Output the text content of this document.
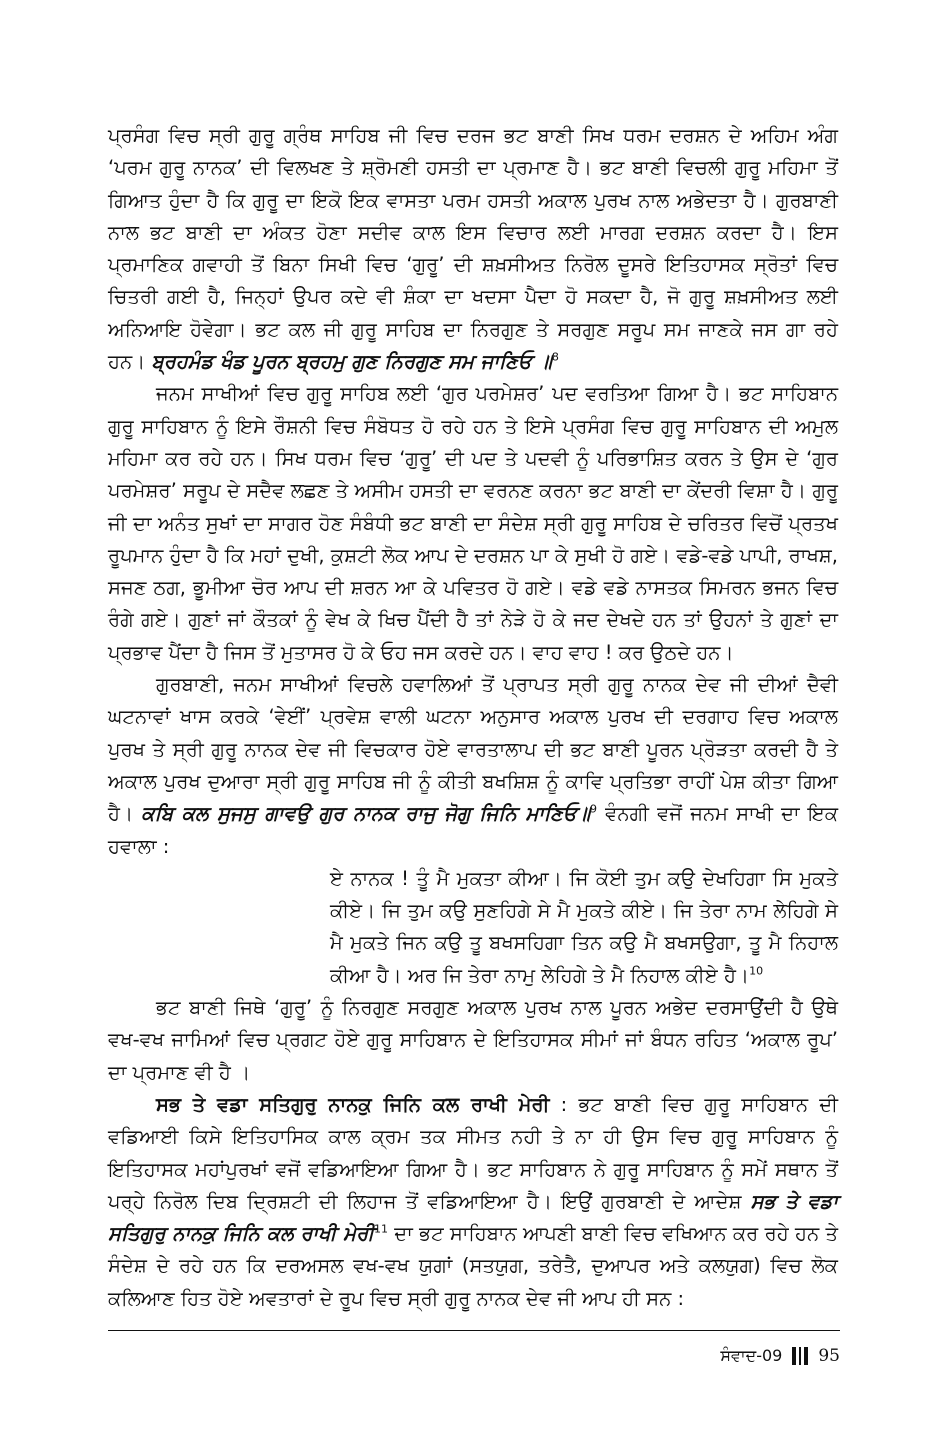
ਪ੍ਰਸੰਗ ਵਿਚ ਸ੍ਰੀ ਗੁਰੂ ਗ੍ਰੰਥ ਸਾਹਿਬ ਜੀ ਵਿਚ ਦਰਜ ਭਟ ਬਾਣੀ ਸਿਖ ਧਰਮ ਦਰਸ਼ਨ ਦੇ ਅਹਿਮ ਅੰਗ ‘ਪਰਮ ਗੁਰੂ ਨਾਨਕ’ ਦੀ ਵਿਲਖਣ ਤੇ ਸ਼੍ਰੋਮਣੀ ਹਸਤੀ ਦਾ ਪ੍ਰਮਾਣ ਹੈ। ਭਟ ਬਾਣੀ ਵਿਚਲੀ ਗੁਰੂ ਮਹਿਮਾ ਤੋਂ ਗਿਆਤ ਹੁੰਦਾ ਹੈ ਕਿ ਗੁਰੂ ਦਾ ਇਕੋ ਇਕ ਵਾਸਤਾ ਪਰਮ ਹਸਤੀ ਅਕਾਲ ਪੁਰਖ ਨਾਲ ਅਭੇਦਤਾ ਹੈ। ਗੁਰਬਾਣੀ ਨਾਲ ਭਟ ਬਾਣੀ ਦਾ ਅੰਕਤ ਹੋਣਾ ਸਦੀਵ ਕਾਲ ਇਸ ਵਿਚਾਰ ਲਈ ਮਾਰਗ ਦਰਸ਼ਨ ਕਰਦਾ ਹੈ। ਇਸ ਪ੍ਰਮਾਣਿਕ ਗਵਾਹੀ ਤੋਂ ਬਿਨਾ ਸਿਖੀ ਵਿਚ ‘ਗੁਰੂ’ ਦੀ ਸ਼ਖ਼ਸੀਅਤ ਨਿਰੋਲ ਦੂਸਰੇ ਇਤਿਹਾਸਕ ਸ੍ਰੋਤਾਂ ਵਿਚ ਚਿਤਰੀ ਗਈ ਹੈ, ਜਿਨ੍ਹਾਂ ਉਪਰ ਕਦੇ ਵੀ ਸ਼ੰਕਾ ਦਾ ਖਦਸਾ ਪੈਦਾ ਹੋ ਸਕਦਾ ਹੈ, ਜੋ ਗੁਰੂ ਸ਼ਖ਼ਸੀਅਤ ਲਈ ਅਨਿਆਇ ਹੋਵੇਗਾ। ਭਟ ਕਲ ਜੀ ਗੁਰੂ ਸਾਹਿਬ ਦਾ ਨਿਰਗੁਣ ਤੇ ਸਰਗੁਣ ਸਰੂਪ ਸਮ ਜਾਣਕੇ ਜਸ ਗਾ ਰਹੇ ਹਨ। ਬ੍ਰਹਮੰਡ ਖੰਡ ਪੂਰਨ ਬ੍ਰਹਮੁ ਗੁਣ ਨਿਰਗੁਣ ਸਮ ਜਾਣਿਓ ॥$^8$

ਜਨਮ ਸਾਖੀਆਂ ਵਿਚ ਗੁਰੂ ਸਾਹਿਬ ਲਈ ‘ਗੁਰ ਪਰਮੇਸ਼ਰ’ ਪਦ ਵਰਤਿਆ ਗਿਆ ਹੈ। ਭਟ ਸਾਹਿਬਾਨ ਗੁਰੂ ਸਾਹਿਬਾਨ ਨੂੰ ਇਸੇ ਰੌਸ਼ਨੀ ਵਿਚ ਸੰਬੋਧਤ ਹੋ ਰਹੇ ਹਨ ਤੇ ਇਸੇ ਪ੍ਰਸੰਗ ਵਿਚ ਗੁਰੂ ਸਾਹਿਬਾਨ ਦੀ ਅਮੁਲ ਮਹਿਮਾ ਕਰ ਰਹੇ ਹਨ। ਸਿਖ ਧਰਮ ਵਿਚ ‘ਗੁਰੂ’ ਦੀ ਪਦ ਤੇ ਪਦਵੀ ਨੂੰ ਪਰਿਭਾਸ਼ਿਤ ਕਰਨ ਤੇ ਉਸ ਦੇ ‘ਗੁਰ ਪਰਮੇਸ਼ਰ’ ਸਰੂਪ ਦੇ ਸਦੈਵ ਲਛਣ ਤੇ ਅਸੀਮ ਹਸਤੀ ਦਾ ਵਰਨਣ ਕਰਨਾ ਭਟ ਬਾਣੀ ਦਾ ਕੇਂਦਰੀ ਵਿਸ਼ਾ ਹੈ। ਗੁਰੂ ਜੀ ਦਾ ਅਨੰਤ ਸੁਖਾਂ ਦਾ ਸਾਗਰ ਹੋਣ ਸੰਬੰਧੀ ਭਟ ਬਾਣੀ ਦਾ ਸੰਦੇਸ਼ ਸ੍ਰੀ ਗੁਰੂ ਸਾਹਿਬ ਦੇ ਚਰਿਤਰ ਵਿਚੋਂ ਪ੍ਰਤਖ ਰੂਪਮਾਨ ਹੁੰਦਾ ਹੈ ਕਿ ਮਹਾਂ ਦੁਖੀ, ਕੁਸ਼ਟੀ ਲੋਕ ਆਪ ਦੇ ਦਰਸ਼ਨ ਪਾ ਕੇ ਸੁਖੀ ਹੋ ਗਏ। ਵਡੇ-ਵਡੇ ਪਾਪੀ, ਰਾਖਸ਼, ਸਜਣ ਠਗ, ਭੂਮੀਆ ਚੋਰ ਆਪ ਦੀ ਸ਼ਰਨ ਆ ਕੇ ਪਵਿਤਰ ਹੋ ਗਏ। ਵਡੇ ਵਡੇ ਨਾਸਤਕ ਸਿਮਰਨ ਭਜਨ ਵਿਚ ਰੰਗੇ ਗਏ। ਗੁਣਾਂ ਜਾਂ ਕੌਤਕਾਂ ਨੂੰ ਵੇਖ ਕੇ ਖਿਚ ਪੈਂਦੀ ਹੈ ਤਾਂ ਨੇੜੇ ਹੋ ਕੇ ਜਦ ਦੇਖਦੇ ਹਨ ਤਾਂ ਉਹਨਾਂ ਤੇ ਗੁਣਾਂ ਦਾ ਪ੍ਰਭਾਵ ਪੈਂਦਾ ਹੈ ਜਿਸ ਤੋਂ ਮੁਤਾਸਰ ਹੋ ਕੇ ਓਹ ਜਸ ਕਰਦੇ ਹਨ। ਵਾਹ ਵਾਹ ! ਕਰ ਉਠਦੇ ਹਨ।

ਗੁਰਬਾਣੀ, ਜਨਮ ਸਾਖੀਆਂ ਵਿਚਲੇ ਹਵਾਲਿਆਂ ਤੋਂ ਪ੍ਰਾਪਤ ਸ੍ਰੀ ਗੁਰੂ ਨਾਨਕ ਦੇਵ ਜੀ ਦੀਆਂ ਦੈਵੀ ਘਟਨਾਵਾਂ ਖਾਸ ਕਰਕੇ ‘ਵੇਈਂ’ ਪ੍ਰਵੇਸ਼ ਵਾਲੀ ਘਟਨਾ ਅਨੁਸਾਰ ਅਕਾਲ ਪੁਰਖ ਦੀ ਦਰਗਾਹ ਵਿਚ ਅਕਾਲ ਪੁਰਖ ਤੇ ਸ੍ਰੀ ਗੁਰੂ ਨਾਨਕ ਦੇਵ ਜੀ ਵਿਚਕਾਰ ਹੋਏ ਵਾਰਤਾਲਾਪ ਦੀ ਭਟ ਬਾਣੀ ਪੂਰਨ ਪ੍ਰੋੜਤਾ ਕਰਦੀ ਹੈ ਤੇ ਅਕਾਲ ਪੁਰਖ ਦੁਆਰਾ ਸ੍ਰੀ ਗੁਰੂ ਸਾਹਿਬ ਜੀ ਨੂੰ ਕੀਤੀ ਬਖਸ਼ਿਸ਼ ਨੂੰ ਕਾਵਿ ਪ੍ਰਤਿਭਾ ਰਾਹੀਂ ਪੇਸ਼ ਕੀਤਾ ਗਿਆ ਹੈ। ਕਬਿ ਕਲ ਸੁਜਸੁ ਗਾਵਉ ਗੁਰ ਨਾਨਕ ਰਾਜੁ ਜੋਗੁ ਜਿਨਿ ਮਾਣਿਓ॥$^9$ ਵੰਨਗੀ ਵਜੋਂ ਜਨਮ ਸਾਖੀ ਦਾ ਇਕ ਹਵਾਲਾ :

ਏ ਨਾਨਕ ! ਤੂੰ ਮੈ ਮੁਕਤਾ ਕੀਆ। ਜਿ ਕੋਈ ਤੁਮ ਕਉ ਦੇਖਹਿਗਾ ਸਿ ਮੁਕਤੇ ਕੀਏ। ਜਿ ਤੁਮ ਕਉ ਸੁਣਹਿਗੇ ਸੇ ਮੈ ਮੁਕਤੇ ਕੀਏ। ਜਿ ਤੇਰਾ ਨਾਮ ਲੇਹਿਗੇ ਸੇ ਮੈ ਮੁਕਤੇ ਜਿਨ ਕਉ ਤੂ ਬਖਸਹਿਗਾ ਤਿਨ ਕਉ ਮੈ ਬਖਸਉਗਾ, ਤੂ ਮੈ ਨਿਹਾਲ ਕੀਆ ਹੈ। ਅਰ ਜਿ ਤੇਰਾ ਨਾਮੁ ਲੇਹਿਗੇ ਤੇ ਮੈ ਨਿਹਾਲ ਕੀਏ ਹੈ।$^{10}$

ਭਟ ਬਾਣੀ ਜਿਥੇ ‘ਗੁਰੂ’ ਨੂੰ ਨਿਰਗੁਣ ਸਰਗੁਣ ਅਕਾਲ ਪੁਰਖ ਨਾਲ ਪੂਰਨ ਅਭੇਦ ਦਰਸਾਉਂਦੀ ਹੈ ਉਥੇ ਵਖ-ਵਖ ਜਾਮਿਆਂ ਵਿਚ ਪ੍ਰਗਟ ਹੋਏ ਗੁਰੂ ਸਾਹਿਬਾਨ ਦੇ ਇਤਿਹਾਸਕ ਸੀਮਾਂ ਜਾਂ ਬੰਧਨ ਰਹਿਤ ‘ਅਕਾਲ ਰੂਪ’ ਦਾ ਪ੍ਰਮਾਣ ਵੀ ਹੈ ।

ਸਭ ਤੇ ਵਡਾ ਸਤਿਗੁਰੁ ਨਾਨਕੁ ਜਿਨਿ ਕਲ ਰਾਖੀ ਮੇਰੀ : ਭਟ ਬਾਣੀ ਵਿਚ ਗੁਰੂ ਸਾਹਿਬਾਨ ਦੀ ਵਡਿਆਈ ਕਿਸੇ ਇਤਿਹਾਸਿਕ ਕਾਲ ਕ੍ਰਮ ਤਕ ਸੀਮਤ ਨਹੀ ਤੇ ਨਾ ਹੀ ਉਸ ਵਿਚ ਗੁਰੂ ਸਾਹਿਬਾਨ ਨੂੰ ਇਤਿਹਾਸਕ ਮਹਾਂਪੁਰਖਾਂ ਵਜੋਂ ਵਡਿਆਇਆ ਗਿਆ ਹੈ। ਭਟ ਸਾਹਿਬਾਨ ਨੇ ਗੁਰੂ ਸਾਹਿਬਾਨ ਨੂੰ ਸਮੇਂ ਸਥਾਨ ਤੋਂ ਪਰ੍ਹੇ ਨਿਰੋਲ ਦਿਬ ਦ੍ਰਿਸ਼ਟੀ ਦੀ ਲਿਹਾਜ ਤੋਂ ਵਡਿਆਇਆ ਹੈ। ਇਉਂ ਗੁਰਬਾਣੀ ਦੇ ਆਦੇਸ਼ ਸਭ ਤੇ ਵਡਾ ਸਤਿਗੁਰੁ ਨਾਨਕੁ ਜਿਨਿ ਕਲ ਰਾਖੀ ਮੇਰੀ$^{11}$ ਦਾ ਭਟ ਸਾਹਿਬਾਨ ਆਪਣੀ ਬਾਣੀ ਵਿਚ ਵਖਿਆਨ ਕਰ ਰਹੇ ਹਨ ਤੇ ਸੰਦੇਸ਼ ਦੇ ਰਹੇ ਹਨ ਕਿ ਦਰਅਸਲ ਵਖ-ਵਖ ਯੁਗਾਂ (ਸਤਯੁਗ, ਤਰੇਤੈ, ਦੁਆਪਰ ਅਤੇ ਕਲਯੁਗ) ਵਿਚ ਲੋਕ ਕਲਿਆਣ ਹਿਤ ਹੋਏ ਅਵਤਾਰਾਂ ਦੇ ਰੂਪ ਵਿਚ ਸ੍ਰੀ ਗੁਰੂ ਨਾਨਕ ਦੇਵ ਜੀ ਆਪ ਹੀ ਸਨ :

ਸੰਵਾਦ-09 95
